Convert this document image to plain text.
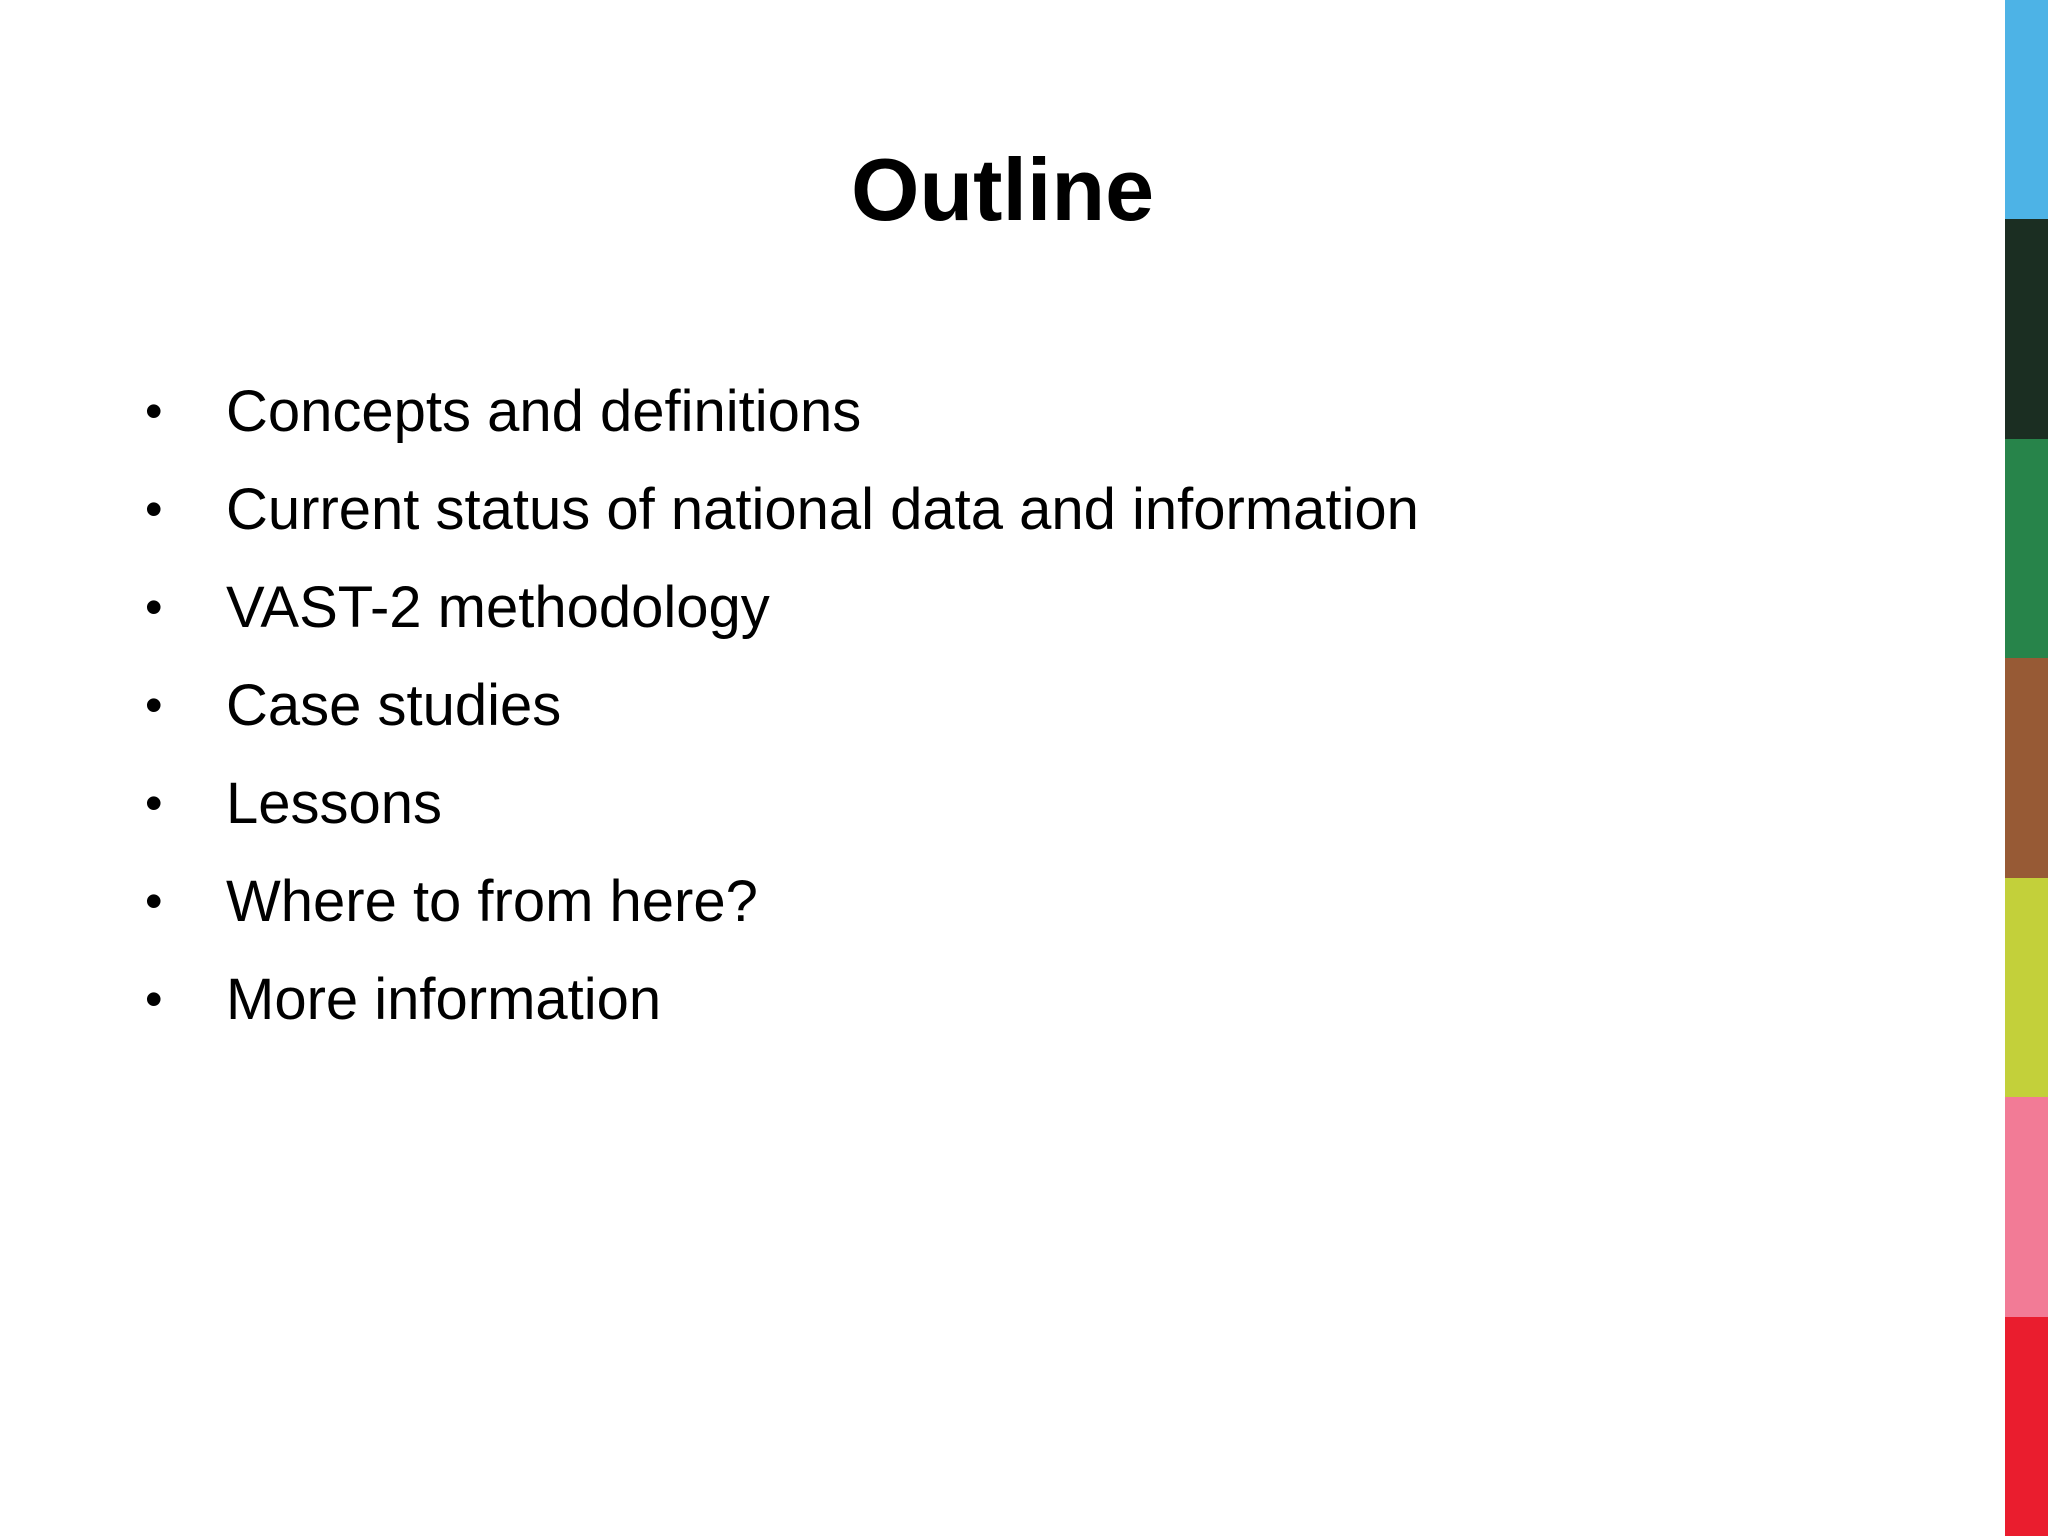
Outline
•	Concepts and definitions
•	Current status of national data and information
•	VAST-2 methodology
•	Case studies
•	Lessons
•	Where to from here?
•	More information
